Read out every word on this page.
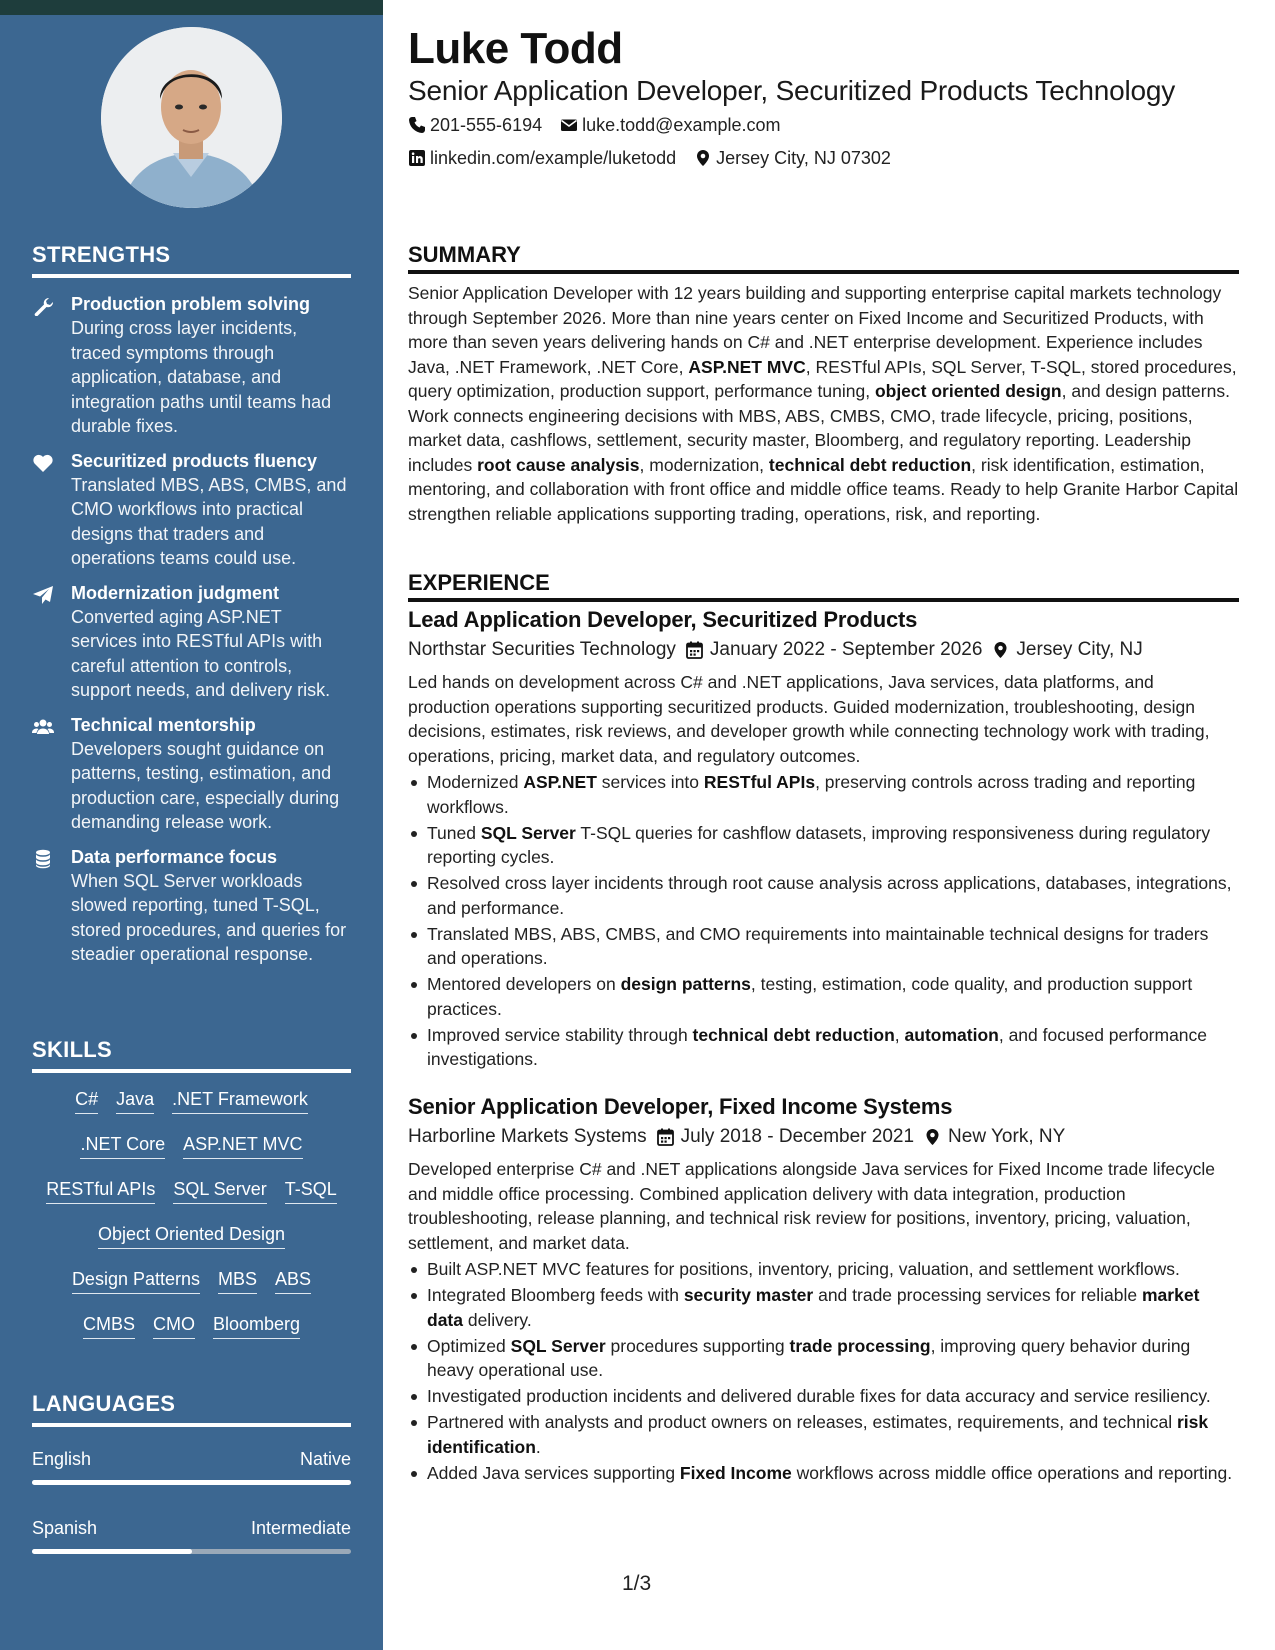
STRENGTHS
Production problem solving
During cross layer incidents, traced symptoms through application, database, and integration paths until teams had durable fixes.
Securitized products fluency
Translated MBS, ABS, CMBS, and CMO workflows into practical designs that traders and operations teams could use.
Modernization judgment
Converted aging ASP.NET services into RESTful APIs with careful attention to controls, support needs, and delivery risk.
Technical mentorship
Developers sought guidance on patterns, testing, estimation, and production care, especially during demanding release work.
Data performance focus
When SQL Server workloads slowed reporting, tuned T-SQL, stored procedures, and queries for steadier operational response.
SKILLS
C# Java .NET Framework
.NET Core ASP.NET MVC
RESTful APIs SQL Server T-SQL
Object Oriented Design
Design Patterns MBS ABS
CMBS CMO Bloomberg
LANGUAGES
English	Native
Spanish	Intermediate
Luke Todd
Senior Application Developer, Securitized Products Technology
201-555-6194 luke.todd@example.com
linkedin.com/example/luketodd Jersey City, NJ 07302
SUMMARY
Senior Application Developer with 12 years building and supporting enterprise capital markets technology through September 2026. More than nine years center on Fixed Income and Securitized Products, with more than seven years delivering hands on C# and .NET enterprise development. Experience includes Java, .NET Framework, .NET Core, ASP.NET MVC, RESTful APIs, SQL Server, T-SQL, stored procedures, query optimization, production support, performance tuning, object oriented design, and design patterns. Work connects engineering decisions with MBS, ABS, CMBS, CMO, trade lifecycle, pricing, positions, market data, cashflows, settlement, security master, Bloomberg, and regulatory reporting. Leadership includes root cause analysis, modernization, technical debt reduction, risk identification, estimation, mentoring, and collaboration with front office and middle office teams. Ready to help Granite Harbor Capital strengthen reliable applications supporting trading, operations, risk, and reporting.
EXPERIENCE
Lead Application Developer, Securitized Products
Northstar Securities Technology January 2022 - September 2026 Jersey City, NJ
Led hands on development across C# and .NET applications, Java services, data platforms, and production operations supporting securitized products. Guided modernization, troubleshooting, design decisions, estimates, risk reviews, and developer growth while connecting technology work with trading, operations, pricing, market data, and regulatory outcomes.
Modernized ASP.NET services into RESTful APIs, preserving controls across trading and reporting workflows.
Tuned SQL Server T-SQL queries for cashflow datasets, improving responsiveness during regulatory reporting cycles.
Resolved cross layer incidents through root cause analysis across applications, databases, integrations, and performance.
Translated MBS, ABS, CMBS, and CMO requirements into maintainable technical designs for traders and operations.
Mentored developers on design patterns, testing, estimation, code quality, and production support practices.
Improved service stability through technical debt reduction, automation, and focused performance investigations.
Senior Application Developer, Fixed Income Systems
Harborline Markets Systems July 2018 - December 2021 New York, NY
Developed enterprise C# and .NET applications alongside Java services for Fixed Income trade lifecycle and middle office processing. Combined application delivery with data integration, production troubleshooting, release planning, and technical risk review for positions, inventory, pricing, valuation, settlement, and market data.
Built ASP.NET MVC features for positions, inventory, pricing, valuation, and settlement workflows.
Integrated Bloomberg feeds with security master and trade processing services for reliable market data delivery.
Optimized SQL Server procedures supporting trade processing, improving query behavior during heavy operational use.
Investigated production incidents and delivered durable fixes for data accuracy and service resiliency.
Partnered with analysts and product owners on releases, estimates, requirements, and technical risk identification.
Added Java services supporting Fixed Income workflows across middle office operations and reporting.
1/3
